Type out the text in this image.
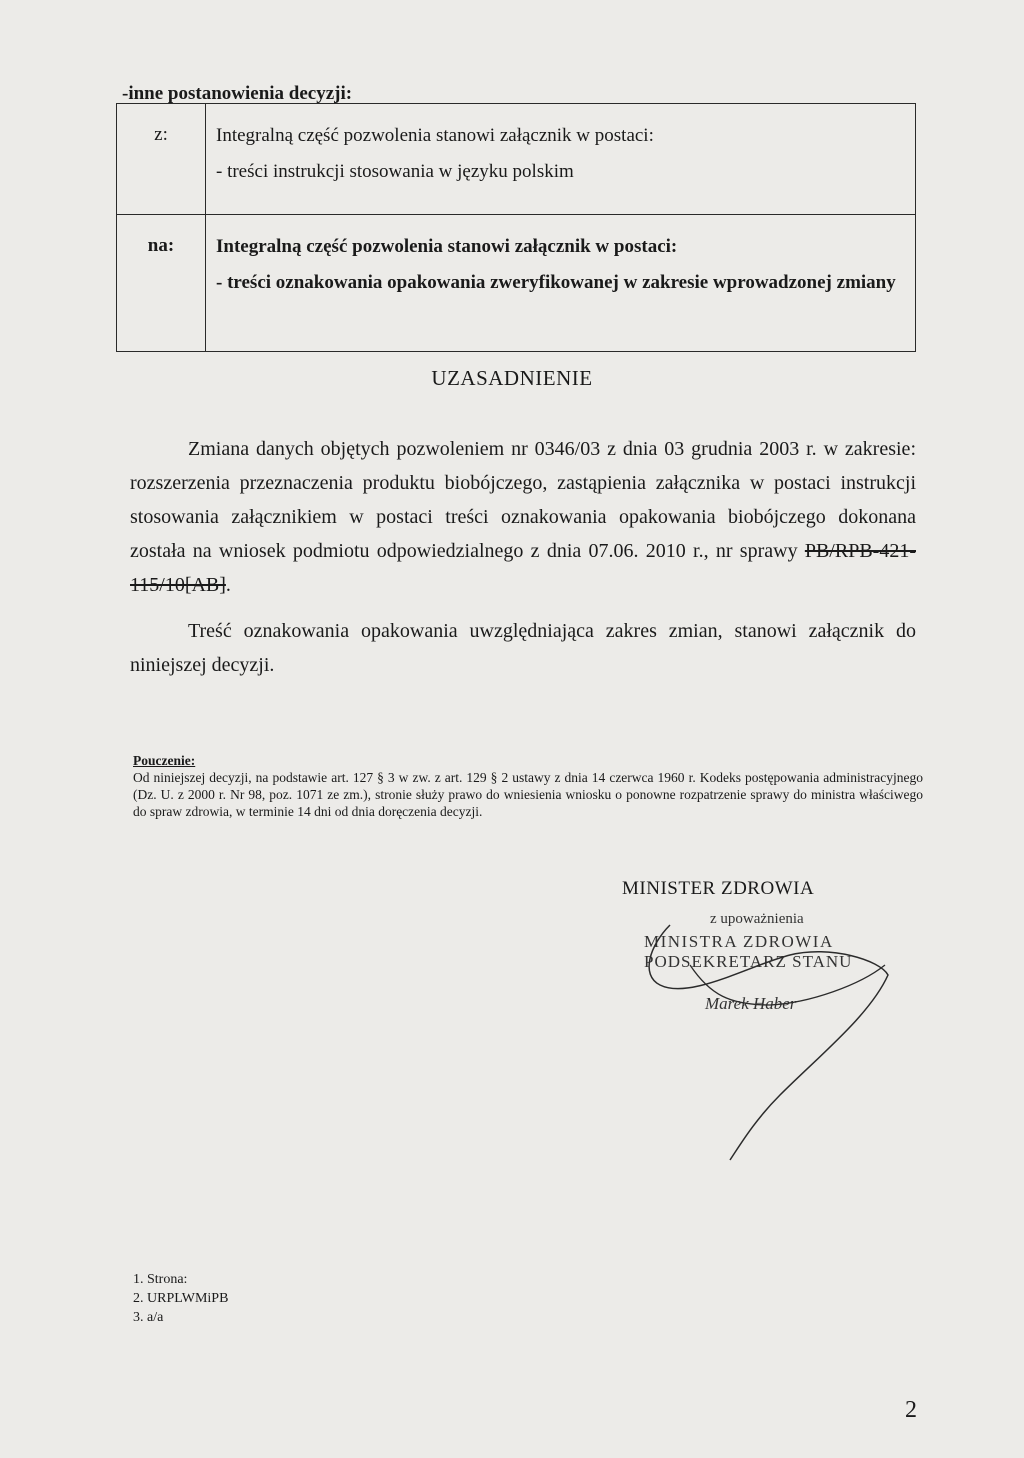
-inne postanowienia decyzji:
z:	Integralną część pozwolenia stanowi załącznik w postaci:
- treści instrukcji stosowania w języku polskim

na:	Integralną część pozwolenia stanowi załącznik w postaci:
- treści oznakowania opakowania zweryfikowanej w zakresie wprowadzonej zmiany
UZASADNIENIE
Zmiana danych objętych pozwoleniem nr 0346/03 z dnia 03 grudnia 2003 r. w zakresie: rozszerzenia przeznaczenia produktu biobójczego, zastąpienia załącznika w postaci instrukcji stosowania załącznikiem w postaci treści oznakowania opakowania biobójczego dokonana została na wniosek podmiotu odpowiedzialnego z dnia 07.06. 2010 r., nr sprawy PB/RPB-421-115/10[AB].
Treść oznakowania opakowania uwzględniająca zakres zmian, stanowi załącznik do niniejszej decyzji.
Pouczenie:
Od niniejszej decyzji, na podstawie art. 127 § 3 w zw. z art. 129 § 2 ustawy z dnia 14 czerwca 1960 r. Kodeks postępowania administracyjnego (Dz. U. z 2000 r. Nr 98, poz. 1071 ze zm.), stronie służy prawo do wniesienia wniosku o ponowne rozpatrzenie sprawy do ministra właściwego do spraw zdrowia, w terminie 14 dni od dnia doręczenia decyzji.
MINISTER ZDROWIA
z upoważnienia
MINISTRA ZDROWIA
PODSEKRETARZ STANU
Marek Haber
1. Strona:
2. URPLWMiPB
3. a/a
2
